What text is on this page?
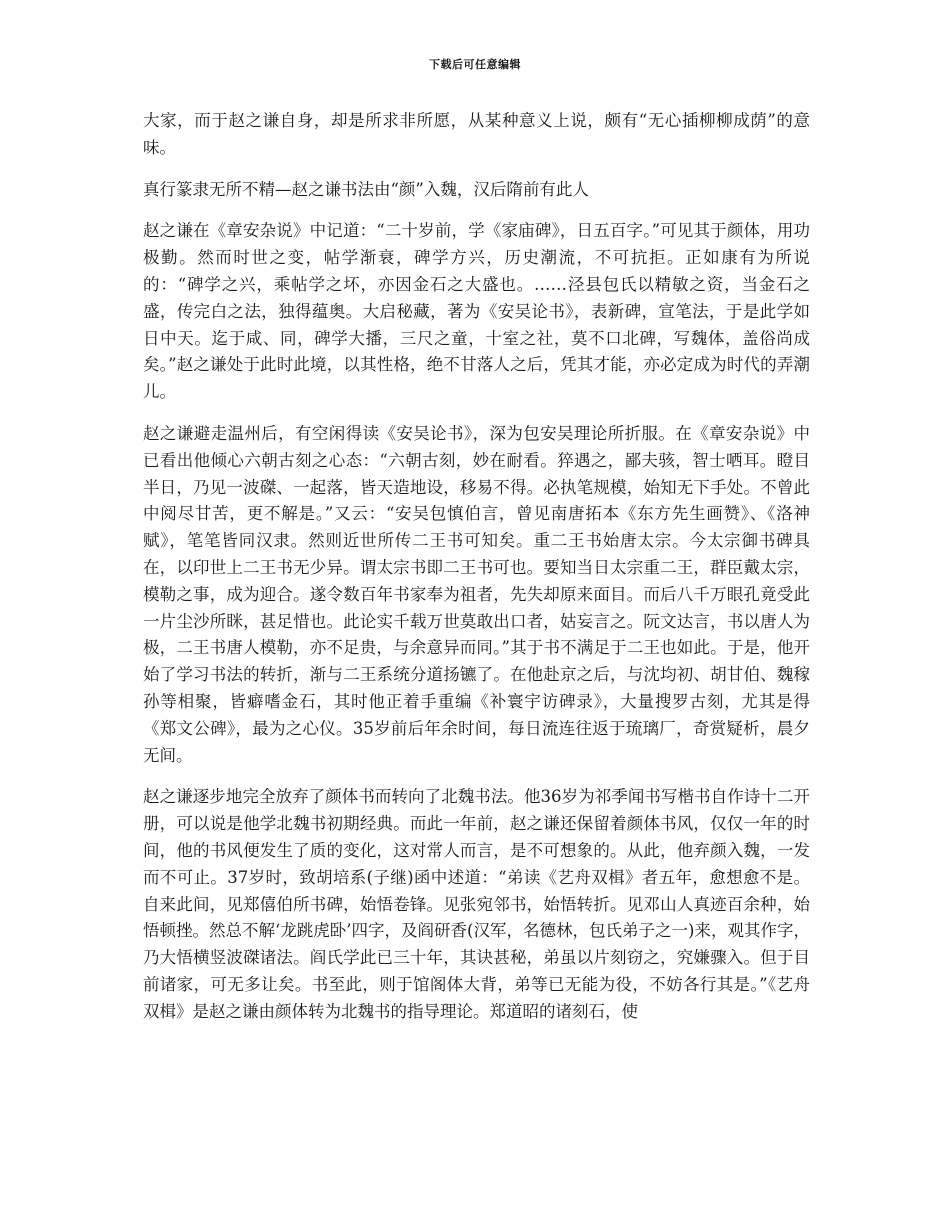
下载后可任意编辑

大家，而于赵之谦自身，却是所求非所愿，从某种意义上说，颇有“无心插柳柳成荫”的意味。

真行篆隶无所不精—赵之谦书法由“颜”入魏，汉后隋前有此人

赵之谦在《章安杂说》中记道：“二十岁前，学《家庙碑》，日五百字。”可见其于颜体，用功极勤。然而时世之变，帖学渐衰，碑学方兴，历史潮流，不可抗拒。正如康有为所说的：“碑学之兴，乘帖学之坏，亦因金石之大盛也。……泾县包氏以精敏之资，当金石之盛，传完白之法，独得蕴奥。大启秘藏，著为《安吴论书》，表新碑，宣笔法，于是此学如日中天。迄于咸、同，碑学大播，三尺之童，十室之社，莫不口北碑，写魏体，盖俗尚成矣。”赵之谦处于此时此境，以其性格，绝不甘落人之后，凭其才能，亦必定成为时代的弄潮儿。

赵之谦避走温州后，有空闲得读《安吴论书》，深为包安吴理论所折服。在《章安杂说》中已看出他倾心六朝古刻之心态：“六朝古刻，妙在耐看。猝遇之，鄙夫骇，智士哂耳。瞪目半日，乃见一波磔、一起落，皆天造地设，移易不得。必执笔规模，始知无下手处。不曾此中阅尽甘苦，更不解是。”又云：“安吴包慎伯言，曾见南唐拓本《东方先生画赞》、《洛神赋》，笔笔皆同汉隶。然则近世所传二王书可知矣。重二王书始唐太宗。今太宗御书碑具在，以印世上二王书无少异。谓太宗书即二王书可也。要知当日太宗重二王，群臣戴太宗，模勒之事，成为迎合。遂令数百年书家奉为祖者，先失却原来面目。而后八千万眼孔竟受此一片尘沙所眯，甚足惜也。此论实千载万世莫敢出口者，姑妄言之。阮文达言，书以唐人为极，二王书唐人模勒，亦不足贵，与余意异而同。”其于书不满足于二王也如此。于是，他开始了学习书法的转折，渐与二王系统分道扬镳了。在他赴京之后，与沈均初、胡甘伯、魏稼孙等相聚，皆癖嗜金石，其时他正着手重编《补寰宇访碑录》，大量搜罗古刻，尤其是得《郑文公碑》，最为之心仪。35岁前后年余时间，每日流连往返于琉璃厂，奇赏疑析，晨夕无间。

赵之谦逐步地完全放弃了颜体书而转向了北魏书法。他36岁为祁季闻书写楷书自作诗十二开册，可以说是他学北魏书初期经典。而此一年前，赵之谦还保留着颜体书风，仅仅一年的时间，他的书风便发生了质的变化，这对常人而言，是不可想象的。从此，他弃颜入魏，一发而不可止。37岁时，致胡培系(子继)函中述道：“弟读《艺舟双楫》者五年，愈想愈不是。自来此间，见郑僖伯所书碑，始悟卷锋。见张宛邻书，始悟转折。见邓山人真迹百余种，始悟顿挫。然总不解‘龙跳虎卧’四字，及阎研香(汉军，名德林，包氏弟子之一)来，观其作字，乃大悟横竖波磔诸法。阎氏学此已三十年，其诀甚秘，弟虽以片刻窃之，究嫌骤入。但于目前诸家，可无多让矣。书至此，则于馆阁体大背，弟等已无能为役，不妨各行其是。”《艺舟双楫》是赵之谦由颜体转为北魏书的指导理论。郑道昭的诸刻石，使
